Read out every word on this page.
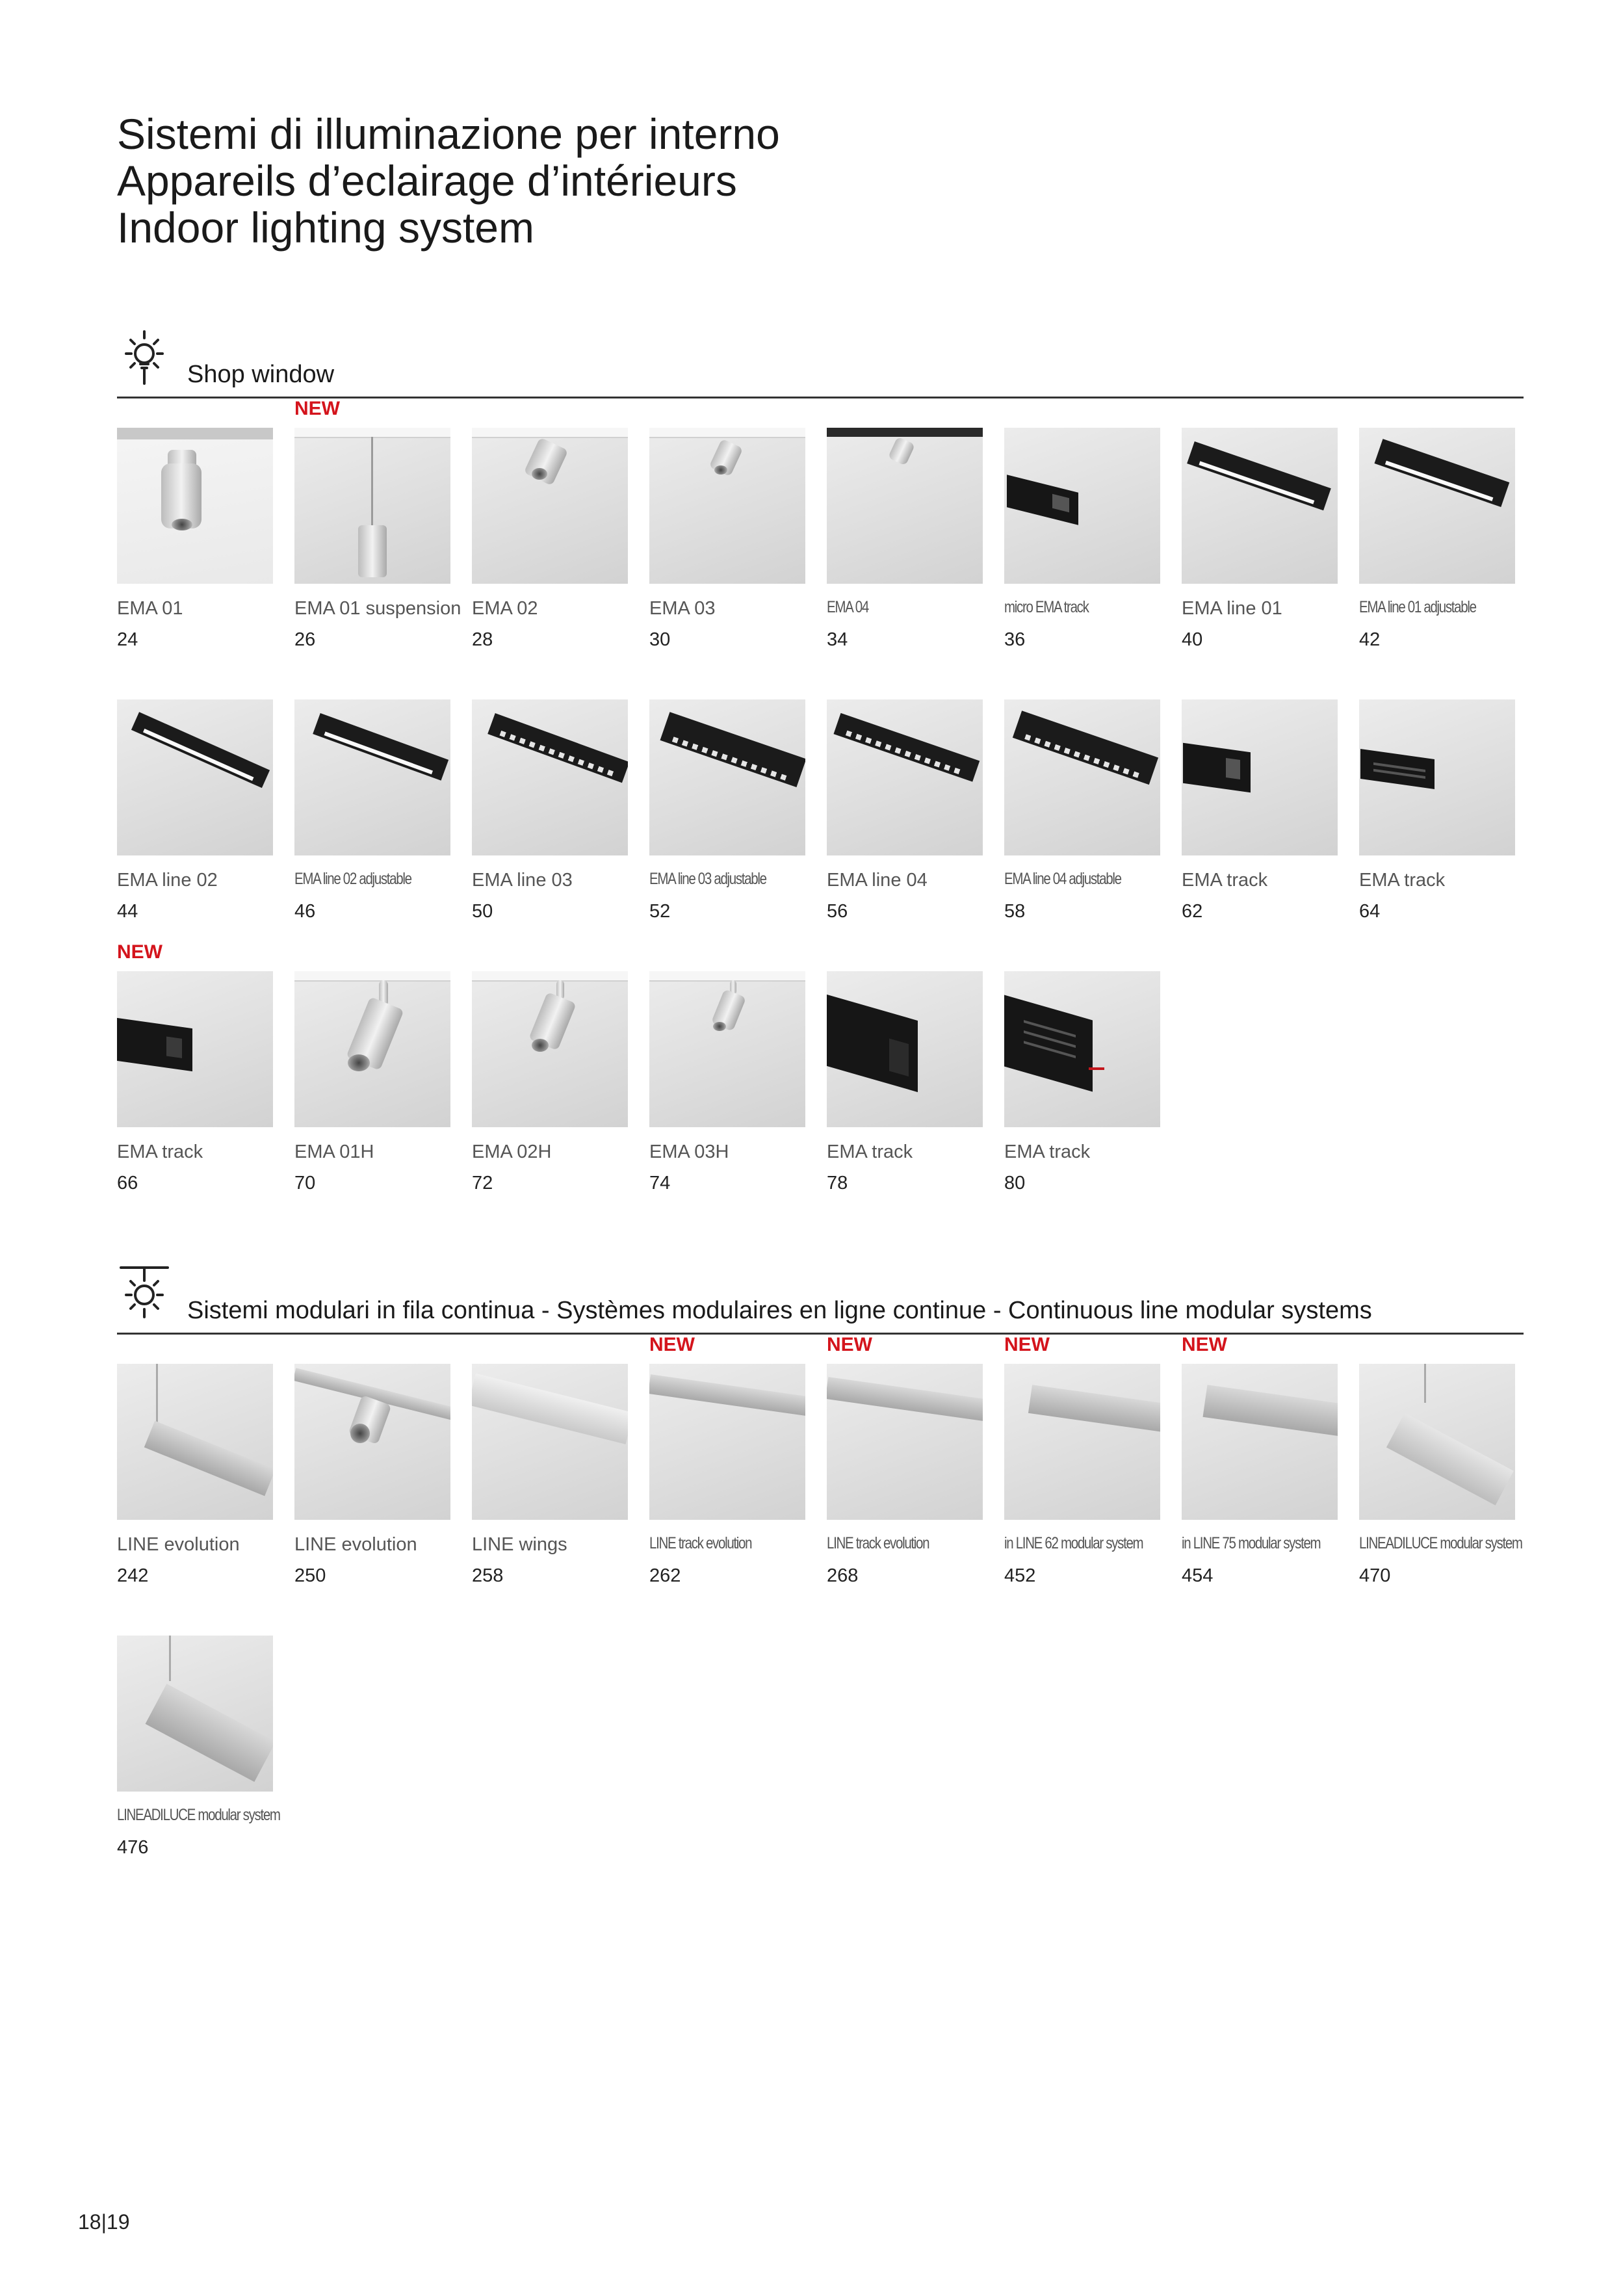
Sistemi di illuminazione per interno
Appareils d’eclairage d’intérieurs
Indoor lighting system
Shop window
EMA 01
24
NEW
EMA 01 suspension
26
EMA 02
28
EMA 03
30
EMA 04
34
micro EMA track
36
EMA line 01
40
EMA line 01 adjustable
42
EMA line 02
44
EMA line 02 adjustable
46
EMA line 03
50
EMA line 03 adjustable
52
EMA line 04
56
EMA line 04 adjustable
58
EMA track
62
EMA track
64
NEW
EMA track
66
EMA 01H
70
EMA 02H
72
EMA 03H
74
EMA track
78
EMA track
80
Sistemi modulari in fila continua - Systèmes modulaires en ligne continue - Continuous line modular systems
LINE evolution
242
LINE evolution
250
LINE wings
258
NEW
LINE track evolution
262
NEW
LINE track evolution
268
NEW
in LINE 62 modular system
452
NEW
in LINE 75 modular system
454
LINEADILUCE modular system
470
LINEADILUCE modular system
476
18|19
